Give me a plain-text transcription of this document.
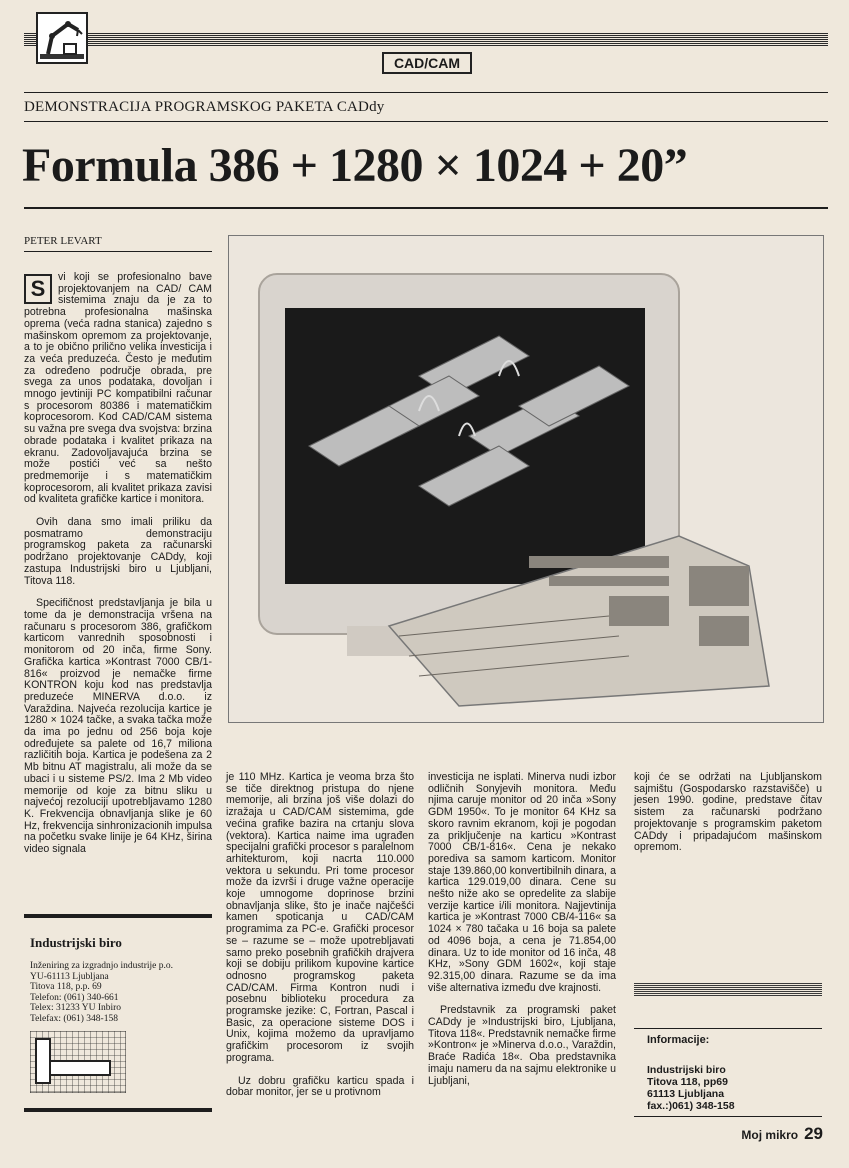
CAD/CAM
DEMONSTRACIJA PROGRAMSKOG PAKETA CADdy
Formula 386 + 1280 × 1024 + 20”
PETER LEVART

S	vi koji se profesionalno bave projektovanjem na CAD/ CAM sistemima znaju da je za to potrebna profesionalna mašinska oprema (veća radna stanica) zajedno s mašinskom opremom za projektovanje, a to je obično prilično velika investicija i za veća preduzeća. Često je međutim za određeno područje obrada, pre svega za unos podataka, dovoljan i mnogo jevtiniji PC kompatibilni računar s procesorom 80386 i matematičkim koprocesorom. Kod CAD/CAM sistema su važna pre svega dva svojstva: brzina obrade podataka i kvalitet prikaza na ekranu. Zadovoljavajuća brzina se može postići već sa nešto predmemorije i s matematičkim koprocesorom, ali kvalitet prikaza zavisi od kvaliteta grafičke kartice i monitora.

Ovih dana smo imali priliku da posmatramo demonstraciju programskog paketa za računarski podržano projektovanje CADdy, koji zastupa Industrijski biro u Ljubljani, Titova 118.

Specifičnost predstavljanja je bila u tome da je demonstracija vršena na računaru s procesorom 386, grafičkom karticom vanrednih sposobnosti i monitorom od 20 inča, firme Sony. Grafička kartica »Kontrast 7000 CB/1-816« proizvod je nemačke firme KONTRON koju kod nas predstavlja preduzeće MINERVA d.o.o. iz Varaždina. Najveća rezolucija kartice je 1280 × 1024 tačke, a svaka tačka može da ima po jednu od 256 boja koje određujete sa palete od 16,7 miliona različitih boja. Kartica je podešena za 2 Mb bitnu AT magistralu, ali može da se ubaci i u sisteme PS/2. Ima 2 Mb video memorije od koje za bitnu sliku u najvećoj rezoluciji upotrebljavamo 1280 K. Frekvencija obnavljanja slike je 60 Hz, frekvencija sinhronizacionih impulsa na početku svake linije je 64 KHz, širina video signala

je 110 MHz. Kartica je veoma brza što se tiče direktnog pristupa do njene memorije, ali brzina još više dolazi do izražaja u CAD/CAM sistemima, gde većina grafike bazira na crtanju slova (vektora). Kartica naime ima ugrađen specijalni grafički procesor s paralelnom arhitekturom, koji nacrta 110.000 vektora u sekundu. Pri tome procesor može da izvrši i druge važne operacije koje umnogome doprinose brzini obnavljanja slike, što je inače najčešći kamen spoticanja u CAD/CAM programima za PC-e. Grafički procesor se – razume se – može upotrebljavati samo preko posebnih grafičkih drajvera koji se dobiju prilikom kupovine kartice odnosno programskog paketa CAD/CAM. Firma Kontron nudi i posebnu biblioteku procedura za programske jezike: C, Fortran, Pascal i Basic, za operacione sisteme DOS i Unix, kojima možemo da upravljamo grafičkim procesorom iz svojih programa.

Uz dobru grafičku karticu spada i dobar monitor, jer se u protivnom

investicija ne isplati. Minerva nudi izbor odličnih Sonyjevih monitora. Među njima caruje monitor od 20 inča »Sony GDM 1950«. To je monitor 64 KHz sa skoro ravnim ekranom, koji je pogodan za priključenje na karticu »Kontrast 7000 CB/1-816«. Cena je nekako poredіva sa samom karticom. Monitor staje 139.860,00 konvertibilnih dinara, a kartica 129.019,00 dinara. Cene su nešto niže ako se opredelite za slabije verzije kartice i/ili monitora. Najjevtinija kartica je »Kontrast 7000 CB/4-116« sa 1024 × 780 tačaka u 16 boja sa palete od 4096 boja, a cena je 71.854,00 dinara. Uz to ide monitor od 16 inča, 48 KHz, »Sony GDM 1602«, koji staje 92.315,00 dinara. Razume se da ima više alternativa između dve krajnosti.

Predstavnik za programski paket CADdy je »Industrijski biro, Ljubljana, Titova 118«. Predstavnik nemačke firme »Kontron« je »Minerva d.o.o., Varaždin, Braće Radića 18«. Oba predstavnika imaju nameru da na sajmu elektronike u Ljubljani,

koji će se održati na Ljubljanskom sajmištu (Gospodarsko razstavišče) u jesen 1990. godine, predstave čitav sistem za računarski podržano projektovanje s programskim paketom CADdy i pripadajućom mašinskom opremom.

Informacije:
Industrijski biro
Titova 118, pp69
61113 Ljubljana
fax.:)061) 348-158
Industrijski biro
Inženiring za izgradnjo industrije p.o.
YU-61113 Ljubljana
Titova 118, p.p. 69
Telefon: (061) 340-661
Telex: 31233 YU Inbiro
Telefax: (061) 348-158
Moj mikro 29
